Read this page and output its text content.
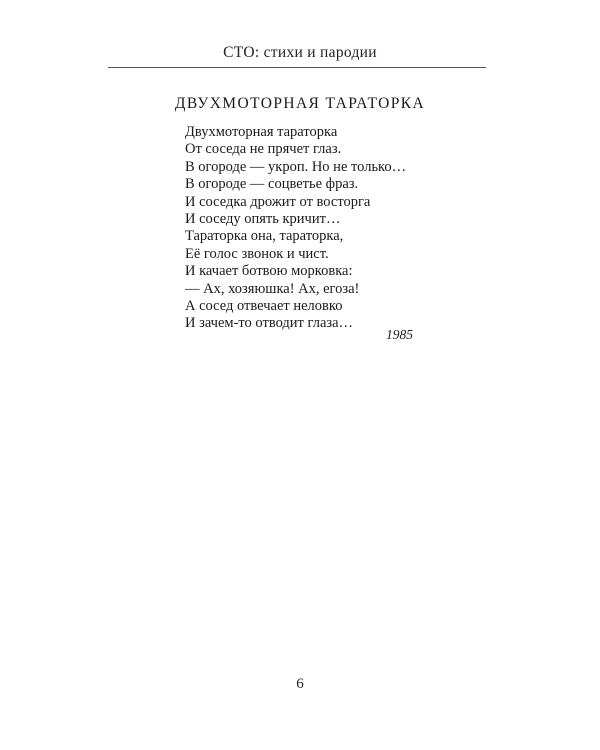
СТО: стихи и пародии
ДВУХМОТОРНАЯ ТАРАТОРКА
Двухмоторная тараторка
От соседа не прячет глаз.
В огороде — укроп. Но не только…
В огороде — соцветье фраз.
И соседка дрожит от восторга
И соседу опять кричит…
Тараторка она, тараторка,
Её голос звонок и чист.
И качает ботвою морковка:
— Ах, хозяюшка! Ах, егоза!
А сосед отвечает неловко
И зачем-то отводит глаза…
1985
6
